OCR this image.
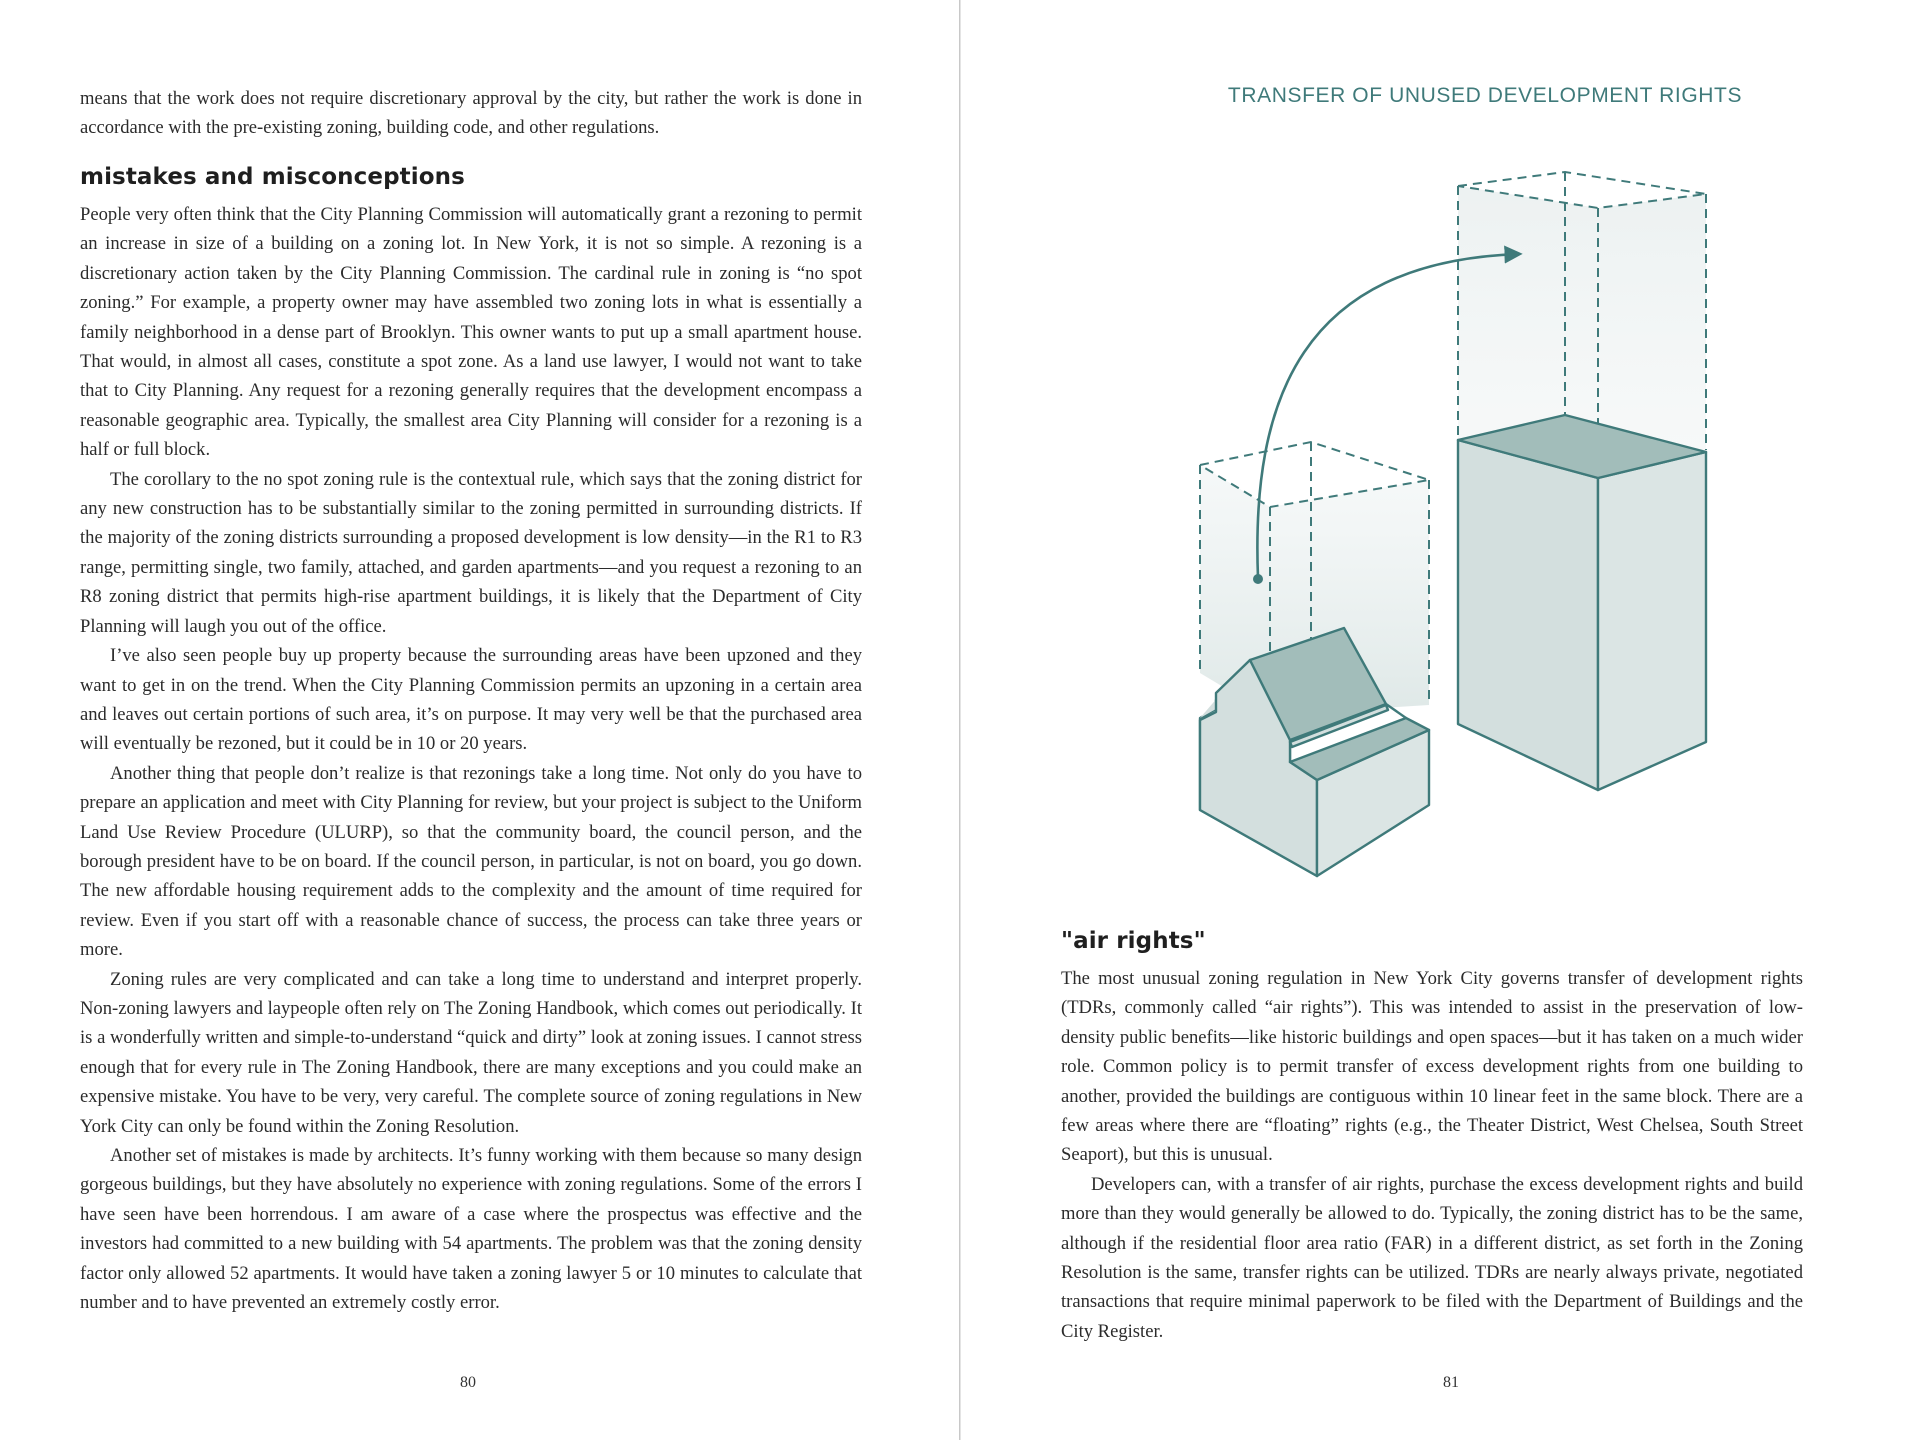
means that the work does not require discretionary approval by the city, but rather the work is done in accordance with the pre-existing zoning, building code, and other regulations.

mistakes and misconceptions

People very often think that the City Planning Commission will automatically grant a rezoning to permit an increase in size of a building on a zoning lot. In New York, it is not so simple. A rezoning is a discretionary action taken by the City Planning Commission. The cardinal rule in zoning is “no spot zoning.” For example, a property owner may have assembled two zoning lots in what is essentially a family neighborhood in a dense part of Brooklyn. This owner wants to put up a small apartment house. That would, in almost all cases, constitute a spot zone. As a land use lawyer, I would not want to take that to City Planning. Any request for a rezoning generally requires that the development encompass a reasonable geographic area. Typically, the smallest area City Planning will consider for a rezoning is a half or full block.

The corollary to the no spot zoning rule is the contextual rule, which says that the zoning district for any new construction has to be substantially similar to the zoning permitted in surrounding districts. If the majority of the zoning districts surrounding a proposed development is low density—in the R1 to R3 range, permitting single, two family, attached, and garden apartments—and you request a rezoning to an R8 zoning district that permits high-rise apartment buildings, it is likely that the Department of City Planning will laugh you out of the office.

I’ve also seen people buy up property because the surrounding areas have been upzoned and they want to get in on the trend. When the City Planning Commission permits an upzoning in a certain area and leaves out certain portions of such area, it’s on purpose. It may very well be that the purchased area will eventually be rezoned, but it could be in 10 or 20 years.

Another thing that people don’t realize is that rezonings take a long time. Not only do you have to prepare an application and meet with City Planning for review, but your project is subject to the Uniform Land Use Review Procedure (ULURP), so that the community board, the council person, and the borough president have to be on board. If the council person, in particular, is not on board, you go down. The new affordable housing requirement adds to the complexity and the amount of time required for review. Even if you start off with a reasonable chance of success, the process can take three years or more.

Zoning rules are very complicated and can take a long time to understand and interpret properly. Non-zoning lawyers and laypeople often rely on The Zoning Handbook, which comes out periodically. It is a wonderfully written and simple-to-understand “quick and dirty” look at zoning issues. I cannot stress enough that for every rule in The Zoning Handbook, there are many exceptions and you could make an expensive mistake. You have to be very, very careful. The complete source of zoning regulations in New York City can only be found within the Zoning Resolution.

Another set of mistakes is made by architects. It’s funny working with them because so many design gorgeous buildings, but they have absolutely no experience with zoning regulations. Some of the errors I have seen have been horrendous. I am aware of a case where the prospectus was effective and the investors had committed to a new building with 54 apartments. The problem was that the zoning density factor only allowed 52 apartments. It would have taken a zoning lawyer 5 or 10 minutes to calculate that number and to have prevented an extremely costly error.

80
TRANSFER OF UNUSED DEVELOPMENT RIGHTS
"air rights"

The most unusual zoning regulation in New York City governs transfer of development rights (TDRs, commonly called “air rights”). This was intended to assist in the preservation of low-density public benefits—like historic buildings and open spaces—but it has taken on a much wider role. Common policy is to permit transfer of excess development rights from one building to another, provided the buildings are contiguous within 10 linear feet in the same block. There are a few areas where there are “floating” rights (e.g., the Theater District, West Chelsea, South Street Seaport), but this is unusual.

Developers can, with a transfer of air rights, purchase the excess development rights and build more than they would generally be allowed to do. Typically, the zoning district has to be the same, although if the residential floor area ratio (FAR) in a different district, as set forth in the Zoning Resolution is the same, transfer rights can be utilized. TDRs are nearly always private, negotiated transactions that require minimal paperwork to be filed with the Department of Buildings and the City Register.

81
